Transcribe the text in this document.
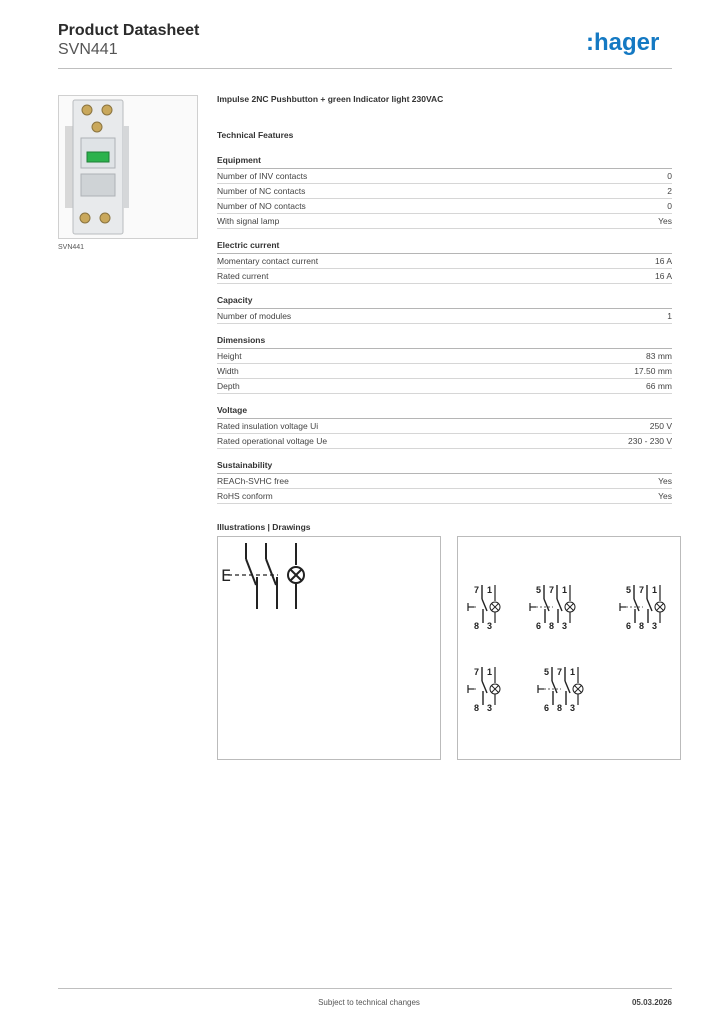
Product Datasheet
SVN441	:hager
SVN441
Impulse 2NC Pushbutton + green Indicator light 230VAC
Technical Features
Equipment
Number of INV contacts	0
Number of NC contacts	2
Number of NO contacts	0
With signal lamp	Yes
Electric current
Momentary contact current	16 A
Rated current	16 A
Capacity
Number of modules	1
Dimensions
Height	83 mm
Width	17.50 mm
Depth	66 mm
Voltage
Rated insulation voltage Ui	250 V
Rated operational voltage Ue	230 - 230 V
Sustainability
REACh-SVHC free	Yes
RoHS conform	Yes
Illustrations | Drawings
E
7
8
1
3
5
6
7
8
1
3
5
6
7
8
1
3
7
8
1
3
5
6
7
8
1
3
Subject to technical changes	05.03.2026
